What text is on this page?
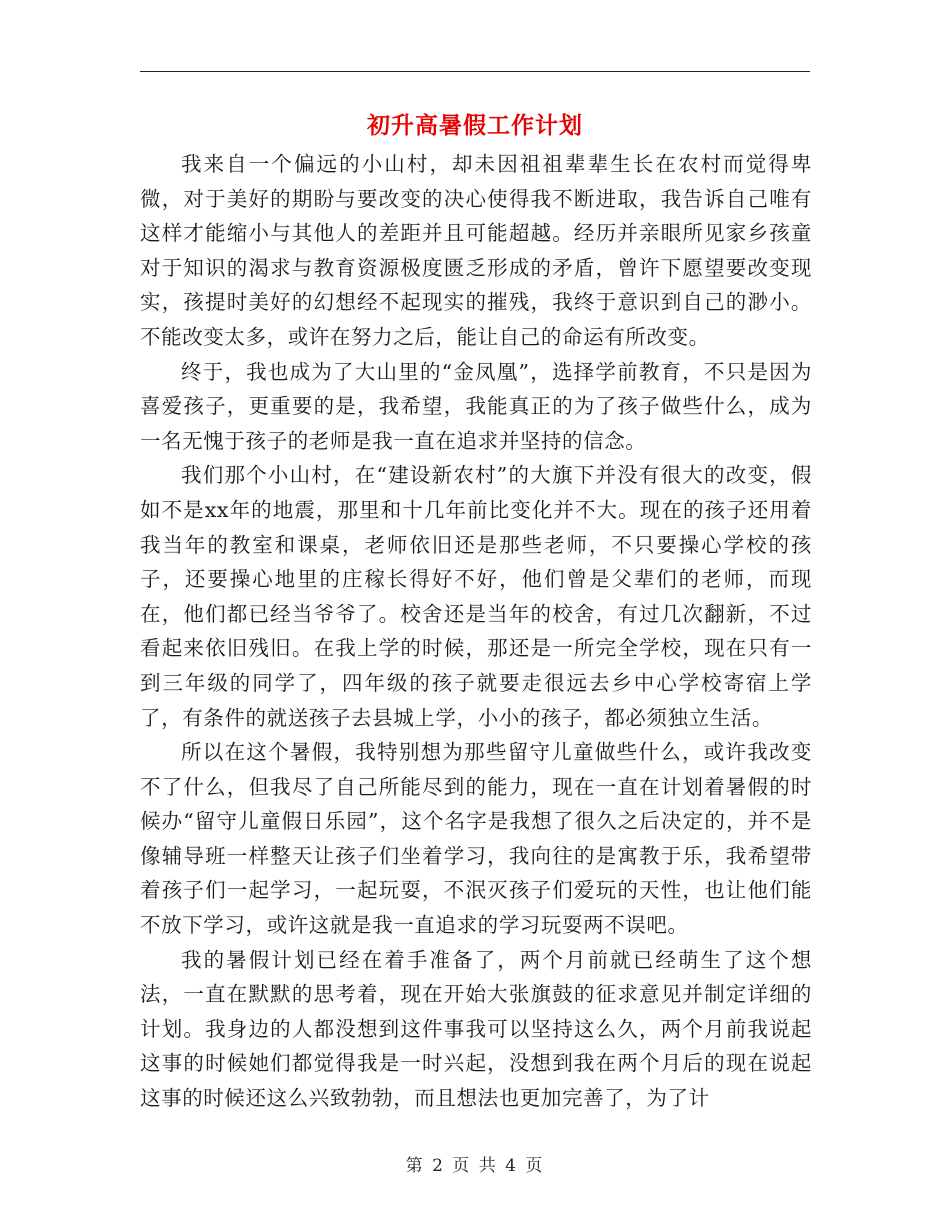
初升高暑假工作计划

我来自一个偏远的小山村，却未因祖祖辈辈生长在农村而觉得卑微，对于美好的期盼与要改变的决心使得我不断进取，我告诉自己唯有这样才能缩小与其他人的差距并且可能超越。经历并亲眼所见家乡孩童对于知识的渴求与教育资源极度匮乏形成的矛盾，曾许下愿望要改变现实，孩提时美好的幻想经不起现实的摧残，我终于意识到自己的渺小。不能改变太多，或许在努力之后，能让自己的命运有所改变。

终于，我也成为了大山里的“金凤凰”，选择学前教育，不只是因为喜爱孩子，更重要的是，我希望，我能真正的为了孩子做些什么，成为一名无愧于孩子的老师是我一直在追求并坚持的信念。

我们那个小山村，在“建设新农村”的大旗下并没有很大的改变，假如不是xx年的地震，那里和十几年前比变化并不大。现在的孩子还用着我当年的教室和课桌，老师依旧还是那些老师，不只要操心学校的孩子，还要操心地里的庄稼长得好不好，他们曾是父辈们的老师，而现在，他们都已经当爷爷了。校舍还是当年的校舍，有过几次翻新，不过看起来依旧残旧。在我上学的时候，那还是一所完全学校，现在只有一到三年级的同学了，四年级的孩子就要走很远去乡中心学校寄宿上学了，有条件的就送孩子去县城上学，小小的孩子，都必须独立生活。

所以在这个暑假，我特别想为那些留守儿童做些什么，或许我改变不了什么，但我尽了自己所能尽到的能力，现在一直在计划着暑假的时候办“留守儿童假日乐园”，这个名字是我想了很久之后决定的，并不是像辅导班一样整天让孩子们坐着学习，我向往的是寓教于乐，我希望带着孩子们一起学习，一起玩耍，不泯灭孩子们爱玩的天性，也让他们能不放下学习，或许这就是我一直追求的学习玩耍两不误吧。

我的暑假计划已经在着手准备了，两个月前就已经萌生了这个想法，一直在默默的思考着，现在开始大张旗鼓的征求意见并制定详细的计划。我身边的人都没想到这件事我可以坚持这么久，两个月前我说起这事的时候她们都觉得我是一时兴起，没想到我在两个月后的现在说起这事的时候还这么兴致勃勃，而且想法也更加完善了，为了计

第 2 页 共 4 页
